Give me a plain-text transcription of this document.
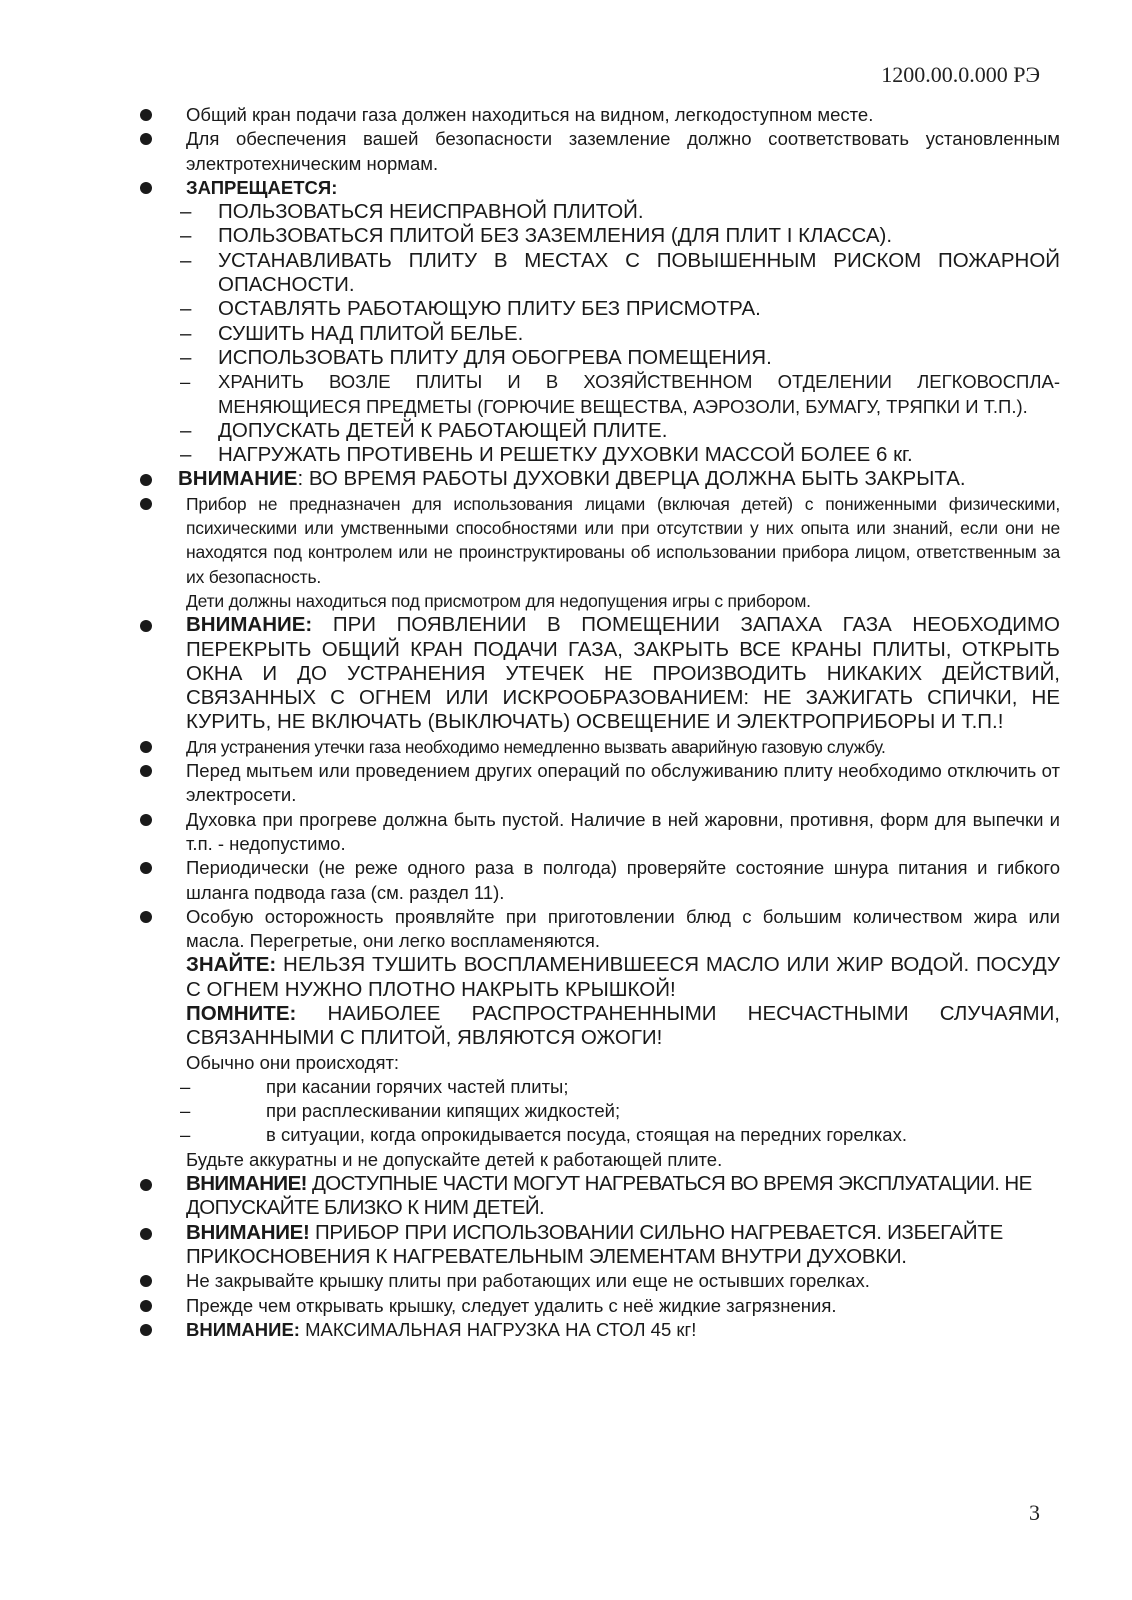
1200.00.0.000 РЭ
Общий кран подачи газа должен находиться на видном, легкодоступном месте.
Для обеспечения вашей безопасности заземление должно соответствовать установленным электротехническим нормам.
ЗАПРЕЩАЕТСЯ:
– ПОЛЬЗОВАТЬСЯ НЕИСПРАВНОЙ ПЛИТОЙ.
– ПОЛЬЗОВАТЬСЯ ПЛИТОЙ БЕЗ ЗАЗЕМЛЕНИЯ (ДЛЯ ПЛИТ I КЛАССА).
– УСТАНАВЛИВАТЬ ПЛИТУ В МЕСТАХ С ПОВЫШЕННЫМ РИСКОМ ПОЖАРНОЙ ОПАСНОСТИ.
– ОСТАВЛЯТЬ РАБОТАЮЩУЮ ПЛИТУ БЕЗ ПРИСМОТРА.
– СУШИТЬ НАД ПЛИТОЙ БЕЛЬЕ.
– ИСПОЛЬЗОВАТЬ ПЛИТУ ДЛЯ ОБОГРЕВА ПОМЕЩЕНИЯ.
– ХРАНИТЬ ВОЗЛЕ ПЛИТЫ И В ХОЗЯЙСТВЕННОМ ОТДЕЛЕНИИ ЛЕГКОВОСПЛА-МЕНЯЮЩИЕСЯ ПРЕДМЕТЫ (ГОРЮЧИЕ ВЕЩЕСТВА, АЭРОЗОЛИ, БУМАГУ, ТРЯПКИ И Т.П.).
– ДОПУСКАТЬ ДЕТЕЙ К РАБОТАЮЩЕЙ ПЛИТЕ.
– НАГРУЖАТЬ ПРОТИВЕНЬ И РЕШЕТКУ ДУХОВКИ МАССОЙ БОЛЕЕ 6 кг.
ВНИМАНИЕ: ВО ВРЕМЯ РАБОТЫ ДУХОВКИ ДВЕРЦА ДОЛЖНА БЫТЬ ЗАКРЫТА.
Прибор не предназначен для использования лицами (включая детей) с пониженными физическими, психическими или умственными способностями или при отсутствии у них опыта или знаний, если они не находятся под контролем или не проинструктированы об использовании прибора лицом, ответственным за их безопасность.
Дети должны находиться под присмотром для недопущения игры с прибором.
ВНИМАНИЕ: ПРИ ПОЯВЛЕНИИ В ПОМЕЩЕНИИ ЗАПАХА ГАЗА НЕОБХОДИМО ПЕРЕКРЫТЬ ОБЩИЙ КРАН ПОДАЧИ ГАЗА, ЗАКРЫТЬ ВСЕ КРАНЫ ПЛИТЫ, ОТКРЫТЬ ОКНА И ДО УСТРАНЕНИЯ УТЕЧЕК НЕ ПРОИЗВОДИТЬ НИКАКИХ ДЕЙСТВИЙ, СВЯЗАННЫХ С ОГНЕМ ИЛИ ИСКРООБРАЗОВАНИЕМ: НЕ ЗАЖИГАТЬ СПИЧКИ, НЕ КУРИТЬ, НЕ ВКЛЮЧАТЬ (ВЫКЛЮЧАТЬ) ОСВЕЩЕНИЕ И ЭЛЕКТРОПРИБОРЫ И Т.П.!
Для устранения утечки газа необходимо немедленно вызвать аварийную газовую службу.
Перед мытьем или проведением других операций по обслуживанию плиту необходимо отключить от электросети.
Духовка при прогреве должна быть пустой. Наличие в ней жаровни, противня, форм для выпечки и т.п. - недопустимо.
Периодически (не реже одного раза в полгода) проверяйте состояние шнура питания и гибкого шланга подвода газа (см. раздел 11).
Особую осторожность проявляйте при приготовлении блюд с большим количеством жира или масла. Перегретые, они легко воспламеняются.
ЗНАЙТЕ: НЕЛЬЗЯ ТУШИТЬ ВОСПЛАМЕНИВШЕЕСЯ МАСЛО ИЛИ ЖИР ВОДОЙ. ПОСУДУ С ОГНЕМ НУЖНО ПЛОТНО НАКРЫТЬ КРЫШКОЙ!
ПОМНИТЕ: НАИБОЛЕЕ РАСПРОСТРАНЕННЫМИ НЕСЧАСТНЫМИ СЛУЧАЯМИ, СВЯЗАННЫМИ С ПЛИТОЙ, ЯВЛЯЮТСЯ ОЖОГИ!
Обычно они происходят:
–	при касании горячих частей плиты;
–	при расплескивании кипящих жидкостей;
–	в ситуации, когда опрокидывается посуда, стоящая на передних горелках.
Будьте аккуратны и не допускайте детей к работающей плите.
ВНИМАНИЕ! ДОСТУПНЫЕ ЧАСТИ МОГУТ НАГРЕВАТЬСЯ ВО ВРЕМЯ ЭКСПЛУАТАЦИИ. НЕ ДОПУСКАЙТЕ БЛИЗКО К НИМ ДЕТЕЙ.
ВНИМАНИЕ! ПРИБОР ПРИ ИСПОЛЬЗОВАНИИ СИЛЬНО НАГРЕВАЕТСЯ. ИЗБЕГАЙТЕ ПРИКОСНОВЕНИЯ К НАГРЕВАТЕЛЬНЫМ ЭЛЕМЕНТАМ ВНУТРИ ДУХОВКИ.
Не закрывайте крышку плиты при работающих или еще не остывших горелках.
Прежде чем открывать крышку, следует удалить с неё жидкие загрязнения.
ВНИМАНИЕ: МАКСИМАЛЬНАЯ НАГРУЗКА НА СТОЛ 45 кг!
3
